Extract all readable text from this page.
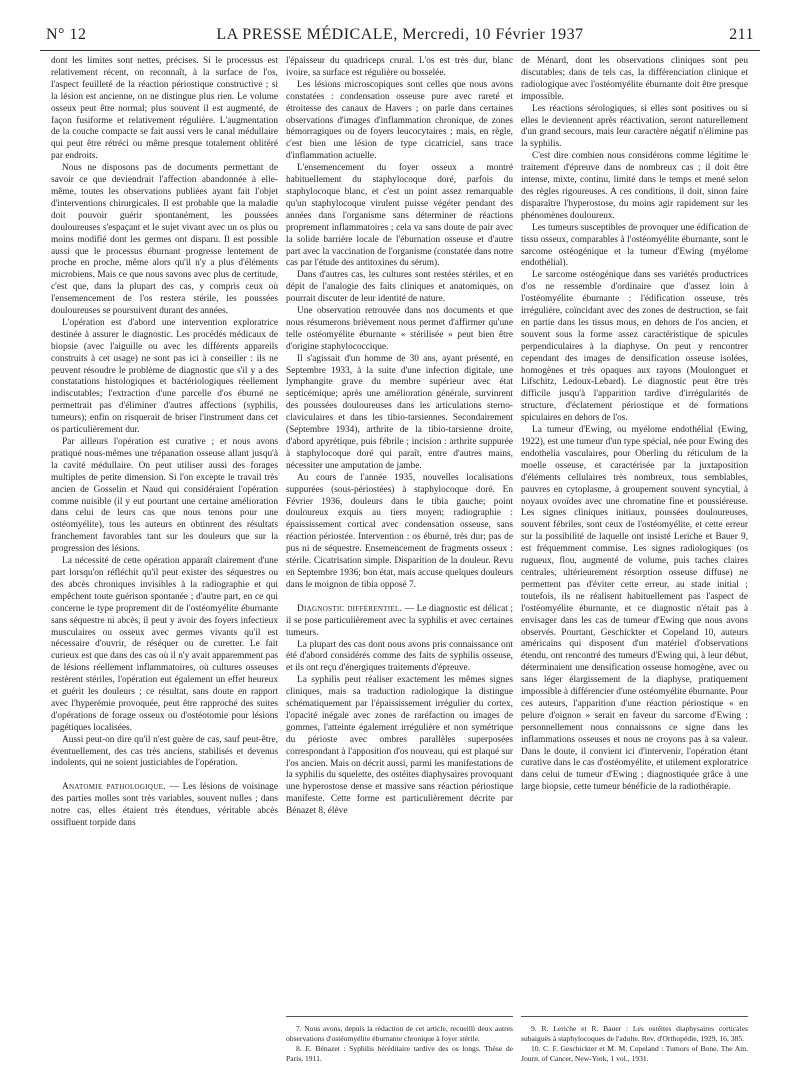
N° 12	LA PRESSE MÉDICALE, Mercredi, 10 Février 1937	211

dont les limites sont nettes, précises. Si le processus est relativement récent, on reconnaît, à la surface de l'os, l'aspect feuilleté de la réaction périostique constructive ; si la lésion est ancienne, on ne distingue plus rien. Le volume osseux peut être normal; plus souvent il est augmenté, de façon fusiforme et relativement régulière. L'augmentation de la couche compacte se fait aussi vers le canal médullaire qui peut être rétréci ou même presque totalement oblitéré par endroits.

Nous ne disposons pas de documents permettant de savoir ce que deviendrait l'affection abandonnée à elle-même, toutes les observations publiées ayant fait l'objet d'interventions chirurgicales. Il est probable que la maladie doit pouvoir guérir spontanément, les poussées douloureuses s'espaçant et le sujet vivant avec un os plus ou moins modifié dont les germes ont disparu. Il est possible aussi que le processus éburnant progresse lentement de proche en proche, même alors qu'il n'y a plus d'éléments microbiens. Mais ce que nous savons avec plus de certitude, c'est que, dans la plupart des cas, y compris ceux où l'ensemencement de l'os restera stérile, les poussées douloureuses se poursuivent durant des années.

L'opération est d'abord une intervention exploratrice destinée à assurer le diagnostic. Les procédés médicaux de biopsie (avec l'aiguille ou avec les différents appareils construits à cet usage) ne sont pas ici à conseiller : ils ne peuvent résoudre le problème de diagnostic que s'il y a des constatations histologiques et bactériologiques réellement indiscutables; l'extraction d'une parcelle d'os éburné ne permettrait pas d'éliminer d'autres affections (syphilis, tumeurs); enfin on risquerait de briser l'instrument dans cet os particulièrement dur.

Par ailleurs l'opération est curative ; et nous avons pratiqué nous-mêmes une trépanation osseuse allant jusqu'à la cavité médullaire. On peut utiliser aussi des forages multiples de petite dimension. Si l'on excepte le travail très ancien de Gosselin et Naud qui considéraient l'opération comme nuisible (il y eut pourtant une certaine amélioration dans celui de leurs cas que nous tenons pour une ostéomyélite), tous les auteurs en obtinrent des résultats franchement favorables tant sur les douleurs que sur la progression des lésions.

La nécessité de cette opération apparaît clairement d'une part lorsqu'on réfléchit qu'il peut exister des séquestres ou des abcès chroniques invisibles à la radiographie et qui empêchent toute guérison spontanée ; d'autre part, en ce qui concerne le type proprement dit de l'ostéomyélite éburnante sans séquestre ni abcès, il peut y avoir des foyers infectieux musculaires ou osseux avec germes vivants qu'il est nécessaire d'ouvrir, de réséquer ou de curetter. Le fait curieux est que dans des cas où il n'y avait apparemment pas de lésions réellement inflammatoires, où cultures osseuses restèrent stériles, l'opération eut également un effet heureux et guérit les douleurs ; ce résultat, sans doute en rapport avec l'hyperémie provoquée, peut être rapproché des suites d'opérations de forage osseux ou d'ostéotomie pour lésions pagétiques localisées.

Aussi peut-on dire qu'il n'est guère de cas, sauf peut-être, éventuellement, des cas très anciens, stabilisés et devenus indolents, qui ne soient justiciables de l'opération.

Anatomie pathologique. — Les lésions de voisinage des parties molles sont très variables, souvent nulles ; dans notre cas, elles étaient très étendues, véritable abcès ossifluent torpide dans

l'épaisseur du quadriceps crural. L'os est très dur, blanc ivoire, sa surface est régulière ou bosselée.

Les lésions microscopiques sont celles que nous avons constatées : condensation osseuse pure avec rareté et étroitesse des canaux de Havers ; on parle dans certaines observations d'images d'inflammation chronique, de zones hémorragiques ou de foyers leucocytaires ; mais, en règle, c'est bien une lésion de type cicatriciel, sans trace d'inflammation actuelle.

L'ensemencement du foyer osseux a montré habituellement du staphylocoque doré, parfois du staphylocoque blanc, et c'est un point assez remarquable qu'un staphylocoque virulent puisse végéter pendant des années dans l'organisme sans déterminer de réactions proprement inflammatoires ; cela va sans doute de pair avec la solide barrière locale de l'éburnation osseuse et d'autre part avec la vaccination de l'organisme (constatée dans notre cas par l'étude des antitoxines du sérum).

Dans d'autres cas, les cultures sont restées stériles, et en dépit de l'analogie des faits cliniques et anatomiques, on pourrait discuter de leur identité de nature.

Une observation retrouvée dans nos documents et que nous résumerons brièvement nous permet d'affirmer qu'une telle ostéomyélite éburnante « stérilisée » peut bien être d'origine staphylococcique.

Il s'agissait d'un homme de 30 ans, ayant présenté, en Septembre 1933, à la suite d'une infection digitale, une lymphangite grave du membre supérieur avec état septicémique; après une amélioration générale, survinrent des poussées douloureuses dans les articulations sterno-claviculaires et dans les tibio-tarsiennes. Secondairement (Septembre 1934), arthrite de la tibio-tarsienne droite, d'abord apyrétique, puis fébrile ; incision : arthrite suppurée à staphylocoque doré qui paraît, entre d'autres mains, nécessiter une amputation de jambe.

Au cours de l'année 1935, nouvelles localisations suppurées (sous-périostées) à staphylocoque doré. En Février 1936, douleurs dans le tibia gauche; point douloureux exquis au tiers moyen; radiographie : épaississement cortical avec condensation osseuse, sans réaction périostée. Intervention : os éburné, très dur; pas de pus ni de séquestre. Ensemencement de fragments osseux : stérile. Cicatrisation simple. Disparition de la douleur. Revu en Septembre 1936; bon état, mais accuse quelques douleurs dans le moignon de tibia opposé 7.

Diagnostic différentiel. — Le diagnostic est délicat ; il se pose particulièrement avec la syphilis et avec certaines tumeurs.

La plupart des cas dont nous avons pris connaissance ont été d'abord considérés comme des faits de syphilis osseuse, et ils ont reçu d'énergiques traitements d'épreuve.

La syphilis peut réaliser exactement les mêmes signes cliniques, mais sa traduction radiologique la distingue schématiquement par l'épaississement irrégulier du cortex, l'opacité inégale avec zones de raréfaction ou images de gommes, l'atteinte également irrégulière et non symétrique du périoste avec ombres parallèles superposées correspondant à l'apposition d'os nouveau, qui est plaqué sur l'os ancien. Mais on décrit aussi, parmi les manifestations de la syphilis du squelette, des ostéites diaphysaires provoquant une hyperostose dense et massive sans réaction périostique manifeste. Cette forme est particulièrement décrite par Bénazet 8, élève

de Ménard, dont les observations cliniques sont peu discutables; dans de tels cas, la différenciation clinique et radiologique avec l'ostéomyélite éburnante doit être presque impossible.

Les réactions sérologiques, si elles sont positives ou si elles le deviennent après réactivation, seront naturellement d'un grand secours, mais leur caractère négatif n'élimine pas la syphilis.

C'est dire combien nous considérons comme légitime le traitement d'épreuve dans de nombreux cas ; il doit être intense, mixte, continu, limité dans le temps et mené selon des règles rigoureuses. A ces conditions, il doit, sinon faire disparaître l'hyperostose, du moins agir rapidement sur les phénomènes douloureux.

Les tumeurs susceptibles de provoquer une édification de tissu osseux, comparables à l'ostéomyélite éburnante, sont le sarcome ostéogénique et la tumeur d'Ewing (myélome endothélial).

Le sarcome ostéogénique dans ses variétés productrices d'os ne ressemble d'ordinaire que d'assez loin à l'ostéomyélite éburnante : l'édification osseuse, très irrégulière, coïncidant avec des zones de destruction, se fait en partie dans les tissus mous, en dehors de l'os ancien, et souvent sous la forme assez caractéristique de spicules perpendiculaires à la diaphyse. On peut y rencontrer cependant des images de densification osseuse isolées, homogènes et très opaques aux rayons (Moulonguet et Lifschitz, Ledoux-Lebard). Le diagnostic peut être très difficile jusqu'à l'apparition tardive d'irrégularités de structure, d'éclatement périostique et de formations spiculaires en dehors de l'os.

La tumeur d'Ewing, ou myélome endothélial (Ewing, 1922), est une tumeur d'un type spécial, née pour Ewing des endothelia vasculaires, pour Oberling du réticulum de la moelle osseuse, et caractérisée par la juxtaposition d'éléments cellulaires très nombreux, tous semblables, pauvres en cytoplasme, à groupement souvent syncytial, à noyaux ovoïdes avec une chromatine fine et poussiéreuse. Les signes cliniques initiaux, poussées douloureuses, souvent fébriles, sont ceux de l'ostéomyélite, et cette erreur sur la possibilité de laquelle ont insisté Leriche et Bauer 9, est fréquemment commise. Les signes radiologiques (os rugueux, flou, augmenté de volume, puis taches claires centrales, ultérieurement résorption osseuse diffuse) ne permettent pas d'éviter cette erreur, au stade initial ; toutefois, ils ne réalisent habituellement pas l'aspect de l'ostéomyélite éburnante, et ce diagnostic n'était pas à envisager dans les cas de tumeur d'Ewing que nous avons observés. Pourtant, Geschickter et Copeland 10, auteurs américains qui disposent d'un matériel d'observations étendu, ont rencontré des tumeurs d'Ewing qui, à leur début, déterminaient une densification osseuse homogène, avec ou sans léger élargissement de la diaphyse, pratiquement impossible à différencier d'une ostéomyélite éburnante. Pour ces auteurs, l'apparition d'une réaction périostique « en pelure d'oignon » serait en faveur du sarcome d'Ewing : personnellement nous connaissons ce signe dans les inflammations osseuses et nous ne croyons pas à sa valeur. Dans le doute, il convient ici d'intervenir, l'opération étant curative dans le cas d'ostéomyélite, et utilement exploratrice dans celui de tumeur d'Ewing ; diagnostiquée grâce à une large biopsie, cette tumeur bénéficie de la radiothérapie.

7. Nous avons, depuis la rédaction de cet article, recueilli deux autres observations d'ostéomyélite éburnante chronique à foyer stérile.

8. E. Bénazet : Syphilis héréditaire tardive des os longs. Thèse de Paris, 1911.

9. R. Leriche et R. Bauer : Les ostéites diaphysaires corticales subaiguës à staphylocoques de l'adulte. Rev. d'Orthopédie, 1929, 16, 385.

10. C. F. Geschickter et M. M. Copeland : Tumors of Bone. The Am. Journ. of Cancer, New-York, 1 vol., 1931.
